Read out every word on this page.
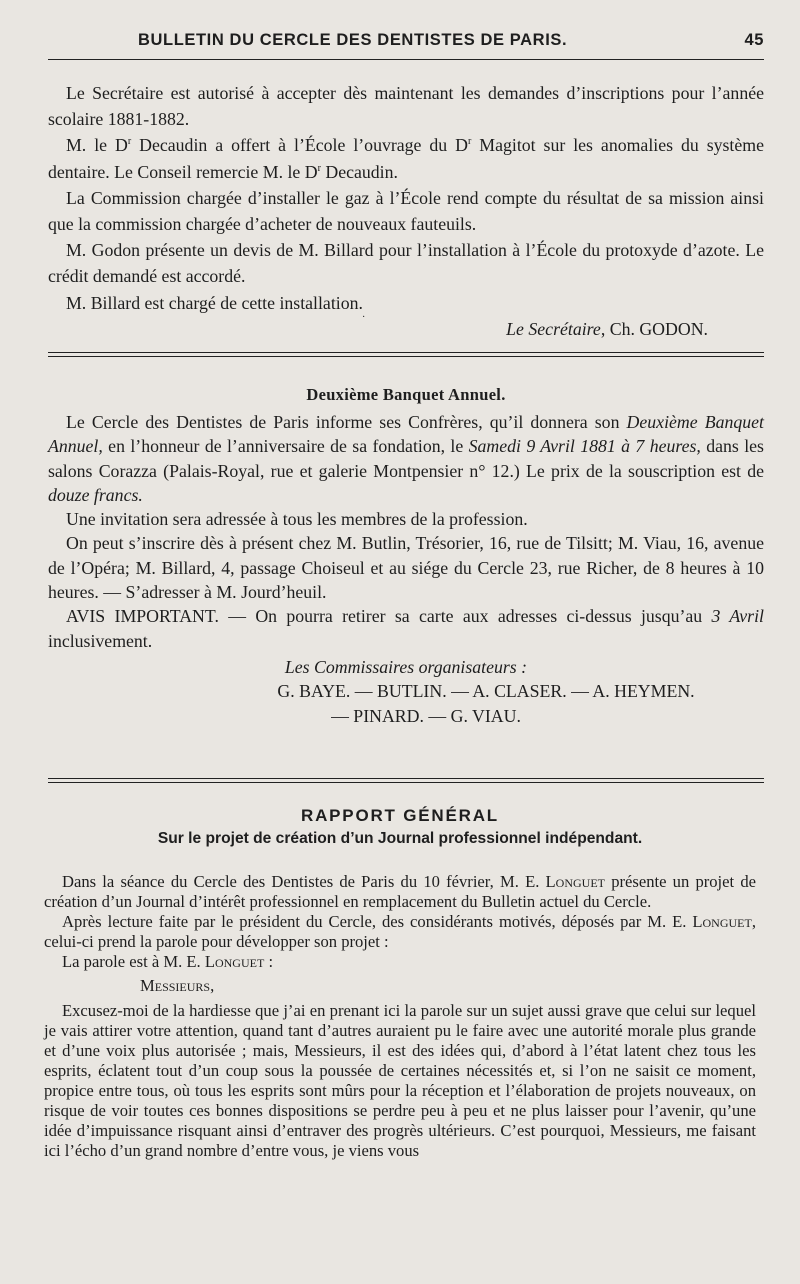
BULLETIN DU CERCLE DES DENTISTES DE PARIS.	45

Le Secrétaire est autorisé à accepter dès maintenant les demandes d’inscriptions pour l’année scolaire 1881-1882.

M. le $D^r$ Decaudin a offert à l’École l’ouvrage du $D^r$ Magitot sur les anomalies du système dentaire. Le Conseil remercie M. le $D^r$ Decaudin.

La Commission chargée d’installer le gaz à l’École rend compte du résultat de sa mission ainsi que la commission chargée d’acheter de nouveaux fauteuils.

M. Godon présente un devis de M. Billard pour l’installation à l’École du protoxyde d’azote. Le crédit demandé est accordé.

M. Billard est chargé de cette installation.

Le Secrétaire, Ch. GODON.

·

Deuxième Banquet Annuel.

Le Cercle des Dentistes de Paris informe ses Confrères, qu’il donnera son Deuxième Banquet Annuel, en l’honneur de l’anniversaire de sa fondation, le Samedi 9 Avril 1881 à 7 heures, dans les salons Corazza (Palais-Royal, rue et galerie Montpensier n° 12.) Le prix de la souscription est de douze francs.

Une invitation sera adressée à tous les membres de la profession.

On peut s’inscrire dès à présent chez M. Butlin, Trésorier, 16, rue de Tilsitt; M. Viau, 16, avenue de l’Opéra; M. Billard, 4, passage Choiseul et au siége du Cercle 23, rue Richer, de 8 heures à 10 heures. — S’adresser à M. Jourd’heuil.

AVIS IMPORTANT. — On pourra retirer sa carte aux adresses ci-dessus jusqu’au 3 Avril inclusivement.

Les Commissaires organisateurs :

G. BAYE. — BUTLIN. — A. CLASER. — A. HEYMEN.

— PINARD. — G. VIAU.

RAPPORT GÉNÉRAL

Sur le projet de création d’un Journal professionnel indépendant.

Dans la séance du Cercle des Dentistes de Paris du 10 février, M. E. Longuet présente un projet de création d’un Journal d’intérêt professionnel en remplacement du Bulletin actuel du Cercle.

Après lecture faite par le président du Cercle, des considérants motivés, déposés par M. E. Longuet, celui-ci prend la parole pour développer son projet :

La parole est à M. E. Longuet :

Messieurs,

Excusez-moi de la hardiesse que j’ai en prenant ici la parole sur un sujet aussi grave que celui sur lequel je vais attirer votre attention, quand tant d’autres auraient pu le faire avec une autorité morale plus grande et d’une voix plus autorisée ; mais, Messieurs, il est des idées qui, d’abord à l’état latent chez tous les esprits, éclatent tout d’un coup sous la poussée de certaines nécessités et, si l’on ne saisit ce moment, propice entre tous, où tous les esprits sont mûrs pour la réception et l’élaboration de projets nouveaux, on risque de voir toutes ces bonnes dispositions se perdre peu à peu et ne plus laisser pour l’avenir, qu’une idée d’impuissance risquant ainsi d’entraver des progrès ultérieurs. C’est pourquoi, Messieurs, me faisant ici l’écho d’un grand nombre d’entre vous, je viens vous
